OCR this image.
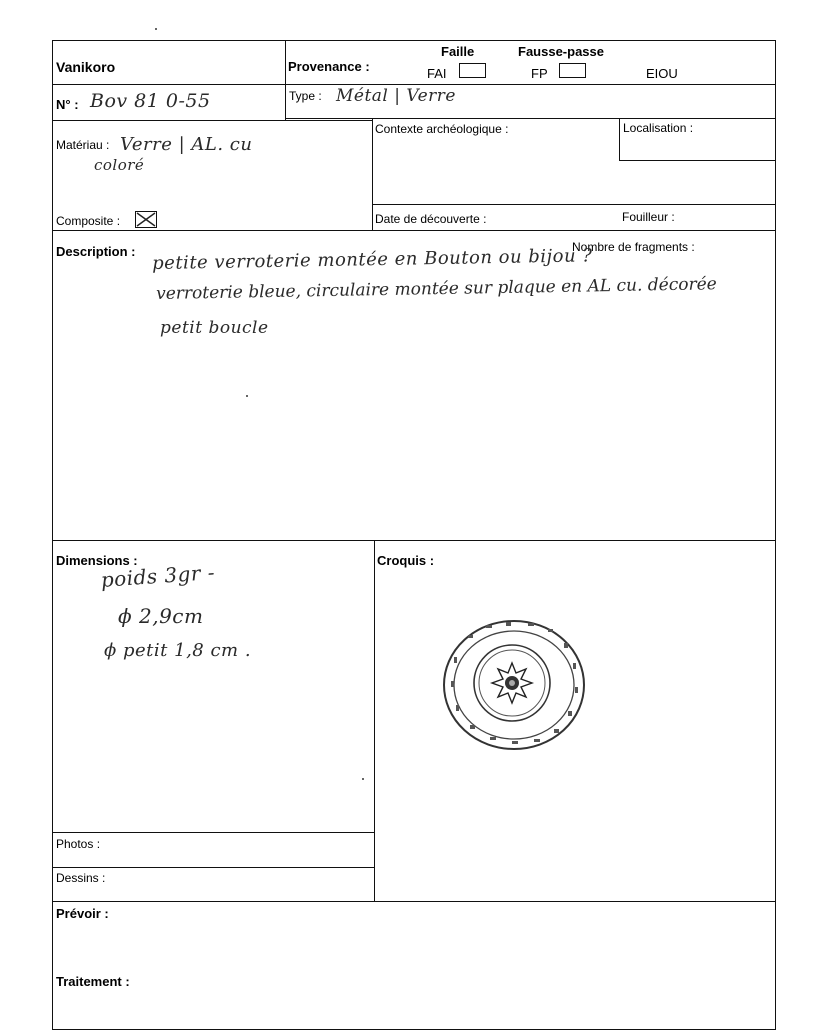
Vanikoro	Provenance :
Faille	Fausse-passe
FAI	FP	EIOU
N° : Bov 81 0-55	Type : Métal | Verre
Matériau : Verre | AL. cu
coloré
Composite :
Contexte archéologique :	Localisation :
Date de découverte :	Fouilleur :
Description :	Nombre de fragments :
petite verroterie montée en Bouton ou bijou ?
verroterie bleue, circulaire montée sur plaque en AL cu. décorée
petit boucle
Dimensions :
poids 3gr -
ϕ 2,9cm
ϕ petit 1,8 cm .
Croquis :
Photos :
Dessins :
Prévoir :
Traitement :
